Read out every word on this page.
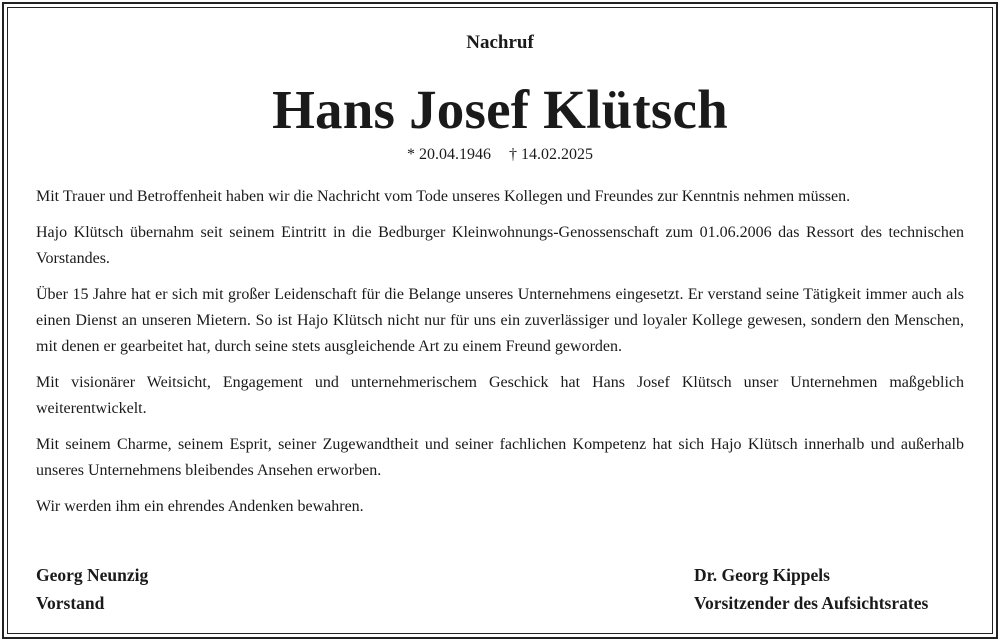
Nachruf
Hans Josef Klütsch
* 20.04.1946 † 14.02.2025

Mit Trauer und Betroffenheit haben wir die Nachricht vom Tode unseres Kollegen und Freundes zur Kenntnis nehmen müssen.

Hajo Klütsch übernahm seit seinem Eintritt in die Bedburger Kleinwohnungs-Genossenschaft zum 01.06.2006 das Ressort des technischen Vorstandes.

Über 15 Jahre hat er sich mit großer Leidenschaft für die Belange unseres Unternehmens eingesetzt. Er verstand seine Tätigkeit immer auch als einen Dienst an unseren Mietern. So ist Hajo Klütsch nicht nur für uns ein zuverlässiger und loyaler Kollege gewesen, sondern den Menschen, mit denen er gearbeitet hat, durch seine stets ausgleichende Art zu einem Freund geworden.

Mit visionärer Weitsicht, Engagement und unternehmerischem Geschick hat Hans Josef Klütsch unser Unternehmen maßgeblich weiterentwickelt.

Mit seinem Charme, seinem Esprit, seiner Zugewandtheit und seiner fachlichen Kompetenz hat sich Hajo Klütsch innerhalb und außerhalb unseres Unternehmens bleibendes Ansehen erworben.

Wir werden ihm ein ehrendes Andenken bewahren.

Georg Neunzig
Vorstand
Dr. Georg Kippels
Vorsitzender des Aufsichtsrates
